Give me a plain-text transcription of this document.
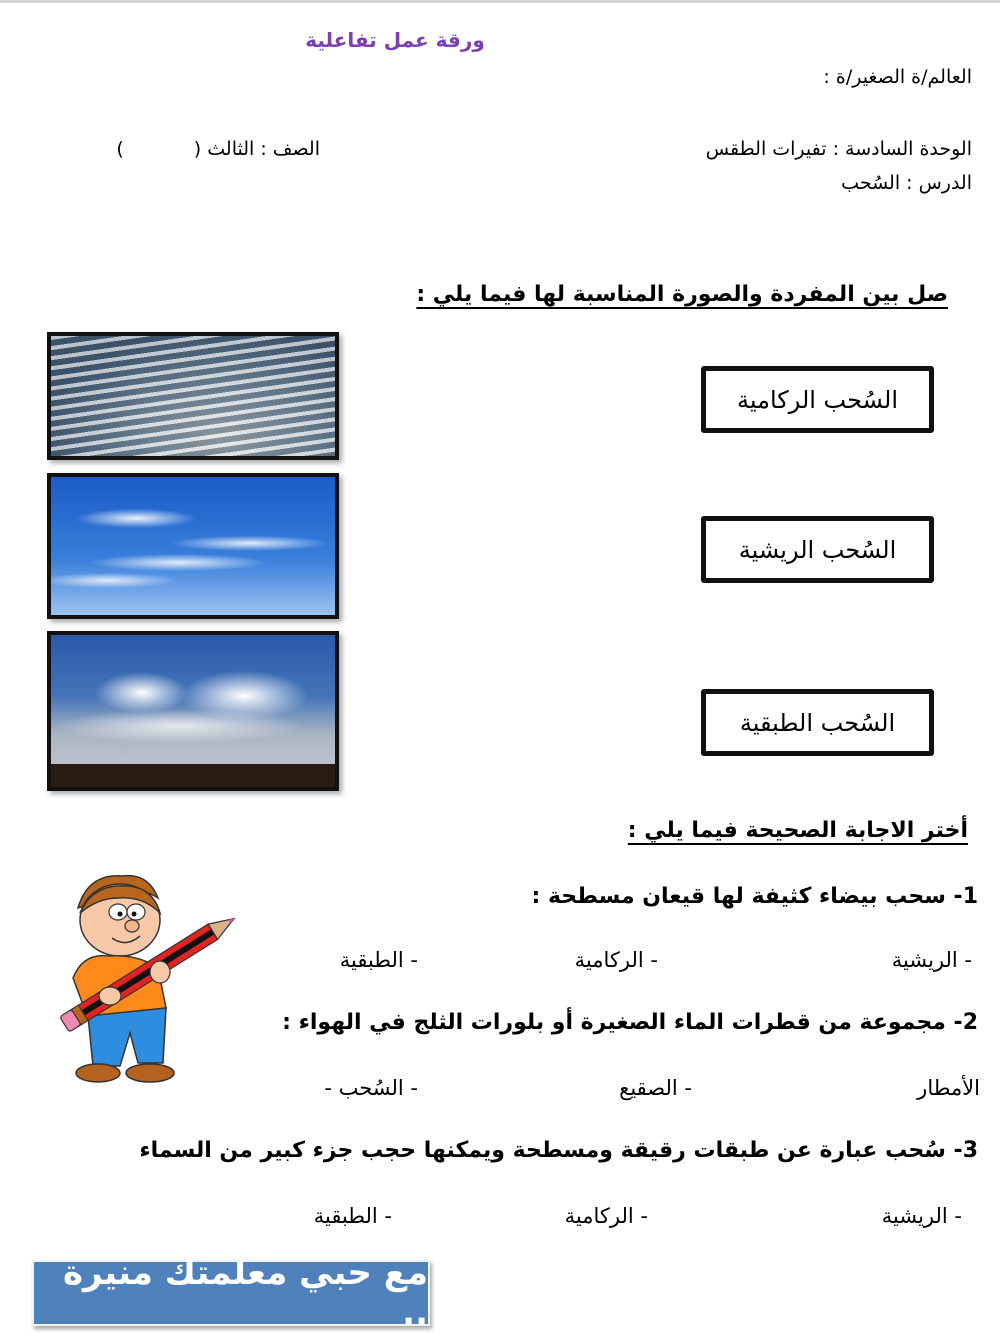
ورقة عمل تفاعلية
العالم/ة الصغير/ة :
الوحدة السادسة : تفيرات الطقس
الدرس : السُحب
الصف : الثالث ()
صل بين المفردة والصورة المناسبة لها فيما يلي :
السُحب الركامية
السُحب الريشية
السُحب الطبقية
أختر الاجابة الصحيحة فيما يلي :
1- سحب بيضاء كثيفة لها قيعان مسطحة :
- الريشية
- الركامية
- الطبقية
2- مجموعة من قطرات الماء الصغيرة أو بلورات الثلج في الهواء :
الأمطار
- الصقيع
- السُحب -
3- سُحب عبارة عن طبقات رقيقة ومسطحة ويمكنها حجب جزء كبير من السماء
- الريشية
- الركامية
- الطبقية
مع حبي معلمتك منيرة ..
